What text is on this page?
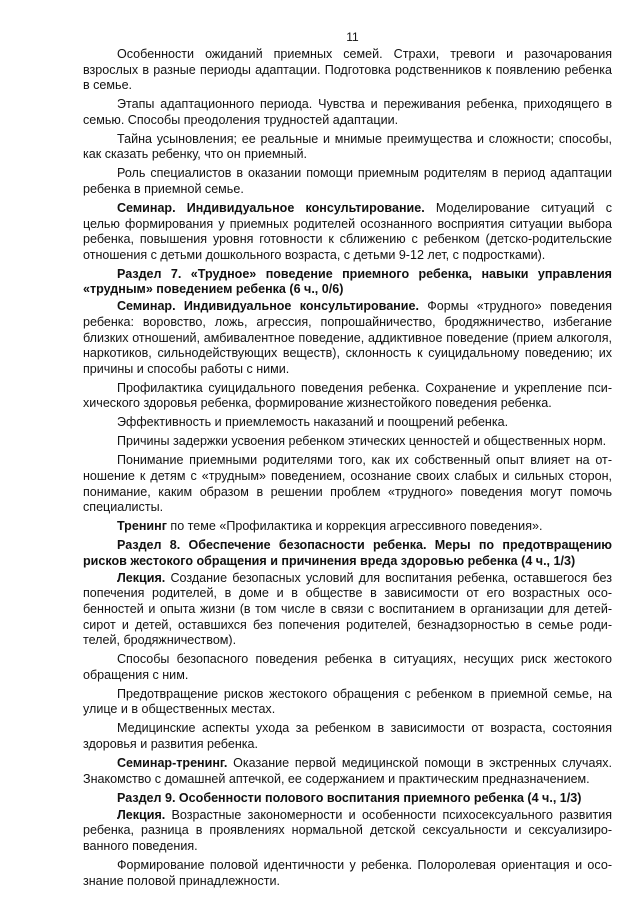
11

Особенности ожиданий приемных семей. Страхи, тревоги и разочарования взрослых в разные периоды адаптации. Подготовка родственников к появлению ребенка в семье.

Этапы адаптационного периода. Чувства и переживания ребенка, приходящего в семью. Способы преодоления трудностей адаптации.

Тайна усыновления; ее реальные и мнимые преимущества и сложности; способы, как сказать ребенку, что он приемный.

Роль специалистов в оказании помощи приемным родителям в период адаптации ребенка в приемной семье.

Семинар. Индивидуальное консультирование. Моделирование ситуаций с целью формирования у приемных родителей осознанного восприятия ситуации выбора ребенка, повышения уровня готовности к сближению с ребенком (детско-родительские отношения с детьми дошкольного возраста, с детьми 9-12 лет, с подростками).

Раздел 7. «Трудное» поведение приемного ребенка, навыки управления «трудным» поведением ребенка (6 ч., 0/6)

Семинар. Индивидуальное консультирование. Формы «трудного» поведения ребенка: воровство, ложь, агрессия, попрошайничество, бродяжничество, избегание близких отношений, амбивалентное поведение, аддиктивное поведение (прием алкоголя, наркотиков, сильнодействующих веществ), склонность к суицидальному поведению; их причины и способы работы с ними.

Профилактика суицидального поведения ребенка. Сохранение и укрепление психического здоровья ребенка, формирование жизнестойкого поведения ребенка.

Эффективность и приемлемость наказаний и поощрений ребенка.

Причины задержки усвоения ребенком этических ценностей и общественных норм.

Понимание приемными родителями того, как их собственный опыт влияет на отношение к детям с «трудным» поведением, осознание своих слабых и сильных сторон, понимание, каким образом в решении проблем «трудного» поведения могут помочь специалисты.

Тренинг по теме «Профилактика и коррекция агрессивного поведения».

Раздел 8. Обеспечение безопасности ребенка. Меры по предотвращению рисков жестокого обращения и причинения вреда здоровью ребенка (4 ч., 1/3)

Лекция. Создание безопасных условий для воспитания ребенка, оставшегося без попечения родителей, в доме и в обществе в зависимости от его возрастных особенностей и опыта жизни (в том числе в связи с воспитанием в организации для детей-сирот и детей, оставшихся без попечения родителей, безнадзорностью в семье родителей, бродяжничеством).

Способы безопасного поведения ребенка в ситуациях, несущих риск жестокого обращения с ним.

Предотвращение рисков жестокого обращения с ребенком в приемной семье, на улице и в общественных местах.

Медицинские аспекты ухода за ребенком в зависимости от возраста, состояния здоровья и развития ребенка.

Семинар-тренинг. Оказание первой медицинской помощи в экстренных случаях. Знакомство с домашней аптечкой, ее содержанием и практическим предназначением.

Раздел 9. Особенности полового воспитания приемного ребенка (4 ч., 1/3)

Лекция. Возрастные закономерности и особенности психосексуального развития ребенка, разница в проявлениях нормальной детской сексуальности и сексуализированного поведения.

Формирование половой идентичности у ребенка. Полоролевая ориентация и осознание половой принадлежности.
